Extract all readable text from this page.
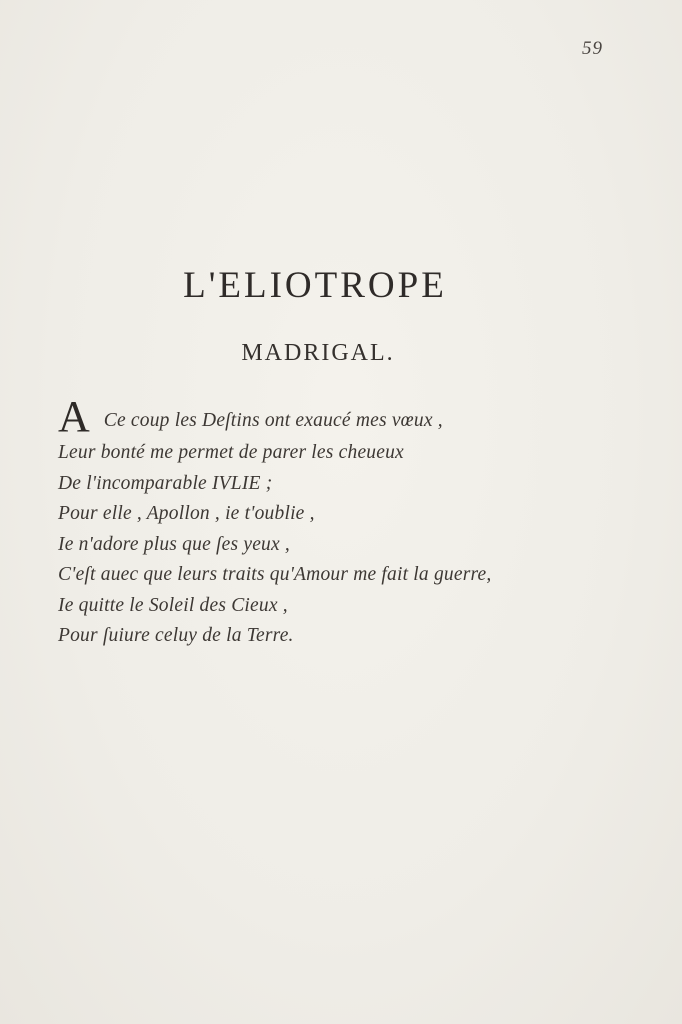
59
L'ELIOTROPE
MADRIGAL.
A Ce coup les Deſtins ont exaucé mes vœux ,
Leur bonté me permet de parer les cheueux
De l'incomparable IVLIE ;
Pour elle , Apollon , ie t'oublie ,
Ie n'adore plus que ſes yeux ,
C'eſt auec que leurs traits qu'Amour me fait la guerre,
Ie quitte le Soleil des Cieux ,
Pour ſuiure celuy de la Terre.
